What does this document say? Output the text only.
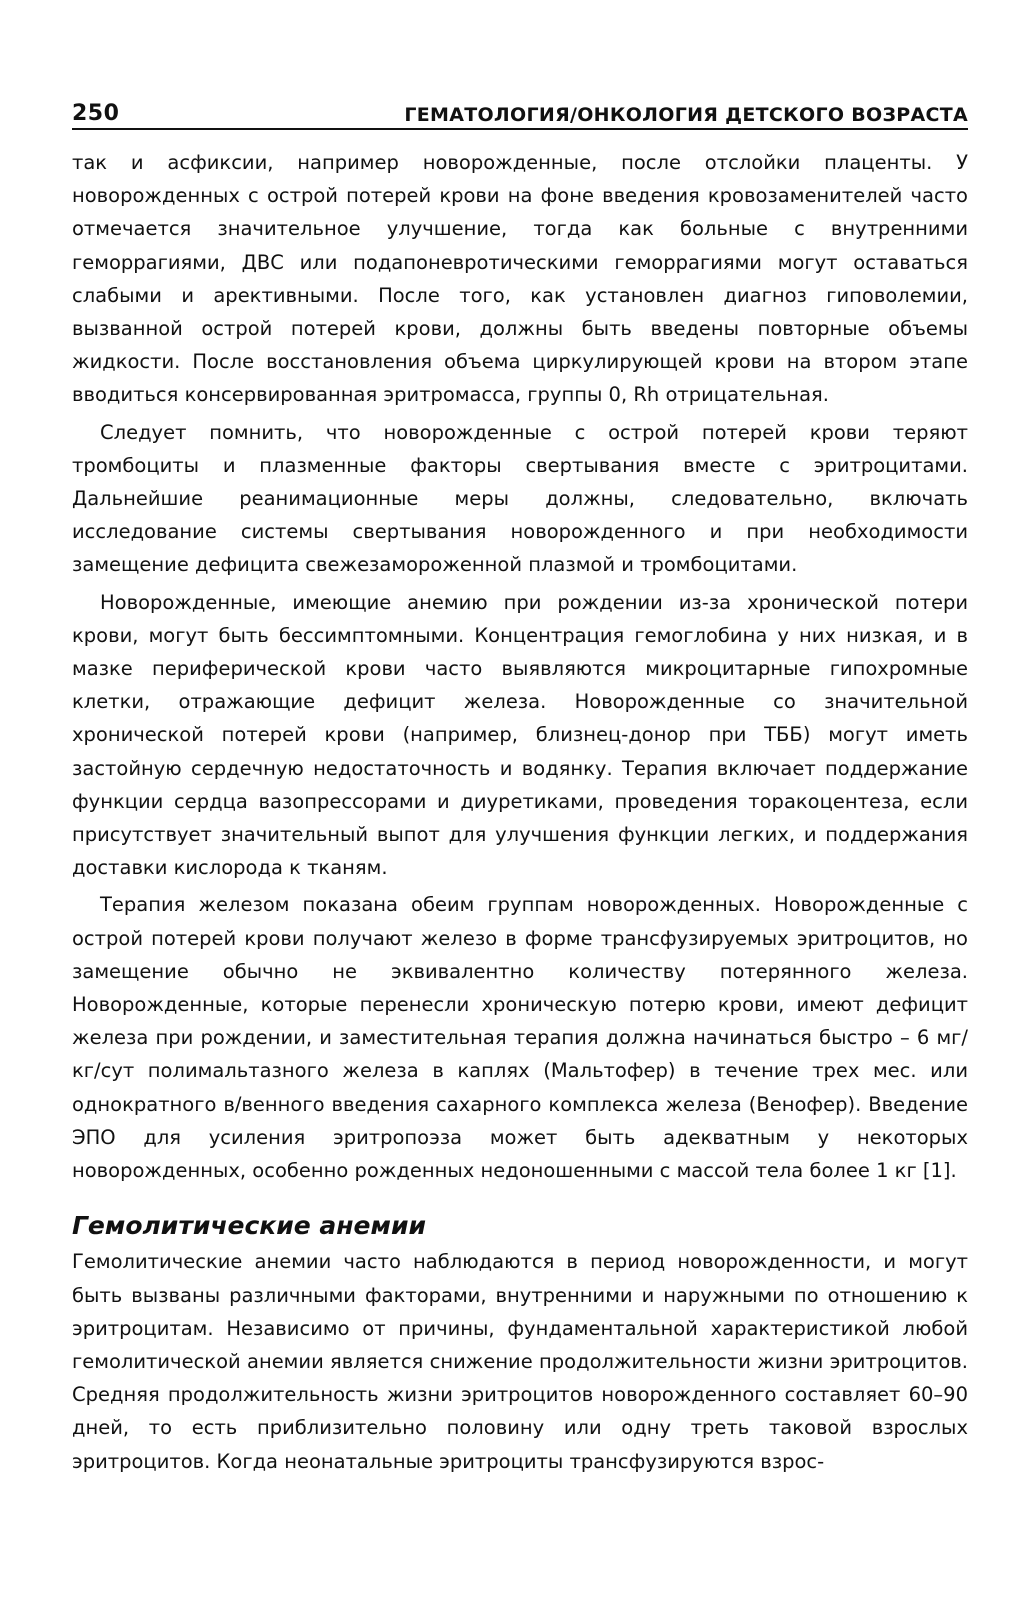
250	ГЕМАТОЛОГИЯ/ОНКОЛОГИЯ ДЕТСКОГО ВОЗРАСТА

так и асфиксии, например новорожденные, после отслойки плаценты. У новорожденных с острой потерей крови на фоне введения кровозаменителей часто отмечается значительное улучшение, тогда как больные с внутренними геморрагиями, ДВС или подапоневротическими геморрагиями могут оставаться слабыми и арективными. После того, как установлен диагноз гиповолемии, вызванной острой потерей крови, должны быть введены повторные объемы жидкости. После восстановления объема циркулирующей крови на втором этапе вводиться консервированная эритромасса, группы 0, Rh отрицательная.

Следует помнить, что новорожденные с острой потерей крови теряют тромбоциты и плазменные факторы свертывания вместе с эритроцитами. Дальнейшие реанимационные меры должны, следовательно, включать исследование системы свертывания новорожденного и при необходимости замещение дефицита свежезамороженной плазмой и тромбоцитами.

Новорожденные, имеющие анемию при рождении из-за хронической потери крови, могут быть бессимптомными. Концентрация гемоглобина у них низкая, и в мазке периферической крови часто выявляются микроцитарные гипохромные клетки, отражающие дефицит железа. Новорожденные со значительной хронической потерей крови (например, близнец-донор при ТББ) могут иметь застойную сердечную недостаточность и водянку. Терапия включает поддержание функции сердца вазопрессорами и диуретиками, проведения торакоцентеза, если присутствует значительный выпот для улучшения функции легких, и поддержания доставки кислорода к тканям.

Терапия железом показана обеим группам новорожденных. Новорожденные с острой потерей крови получают железо в форме трансфузируемых эритроцитов, но замещение обычно не эквивалентно количеству потерянного железа. Новорожденные, которые перенесли хроническую потерю крови, имеют дефицит железа при рождении, и заместительная терапия должна начинаться быстро – 6 мг/кг/сут полимальтазного железа в каплях (Мальтофер) в течение трех мес. или однократного в/венного введения сахарного комплекса железа (Венофер). Введение ЭПО для усиления эритропоэза может быть адекватным у некоторых новорожденных, особенно рожденных недоношенными с массой тела более 1 кг [1].

Гемолитические анемии

Гемолитические анемии часто наблюдаются в период новорожденности, и могут быть вызваны различными факторами, внутренними и наружными по отношению к эритроцитам. Независимо от причины, фундаментальной характеристикой любой гемолитической анемии является снижение продолжительности жизни эритроцитов. Средняя продолжительность жизни эритроцитов новорожденного составляет 60–90 дней, то есть приблизительно половину или одну треть таковой взрослых эритроцитов. Когда неонатальные эритроциты трансфузируются взрос-
